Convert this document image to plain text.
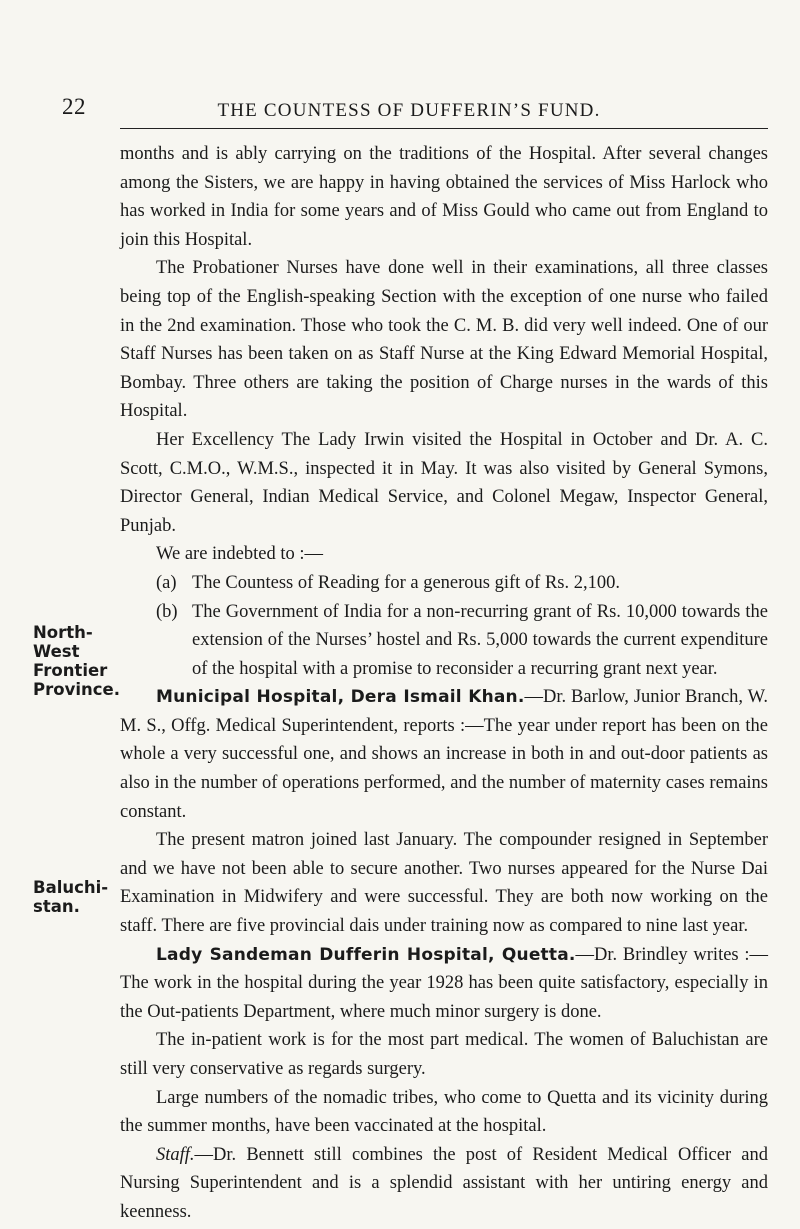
22	THE COUNTESS OF DUFFERIN’S FUND.
North-
West
Frontier
Province.
Baluchi-
stan.

months and is ably carrying on the traditions of the Hospital. After several changes among the Sisters, we are happy in having obtained the services of Miss Harlock who has worked in India for some years and of Miss Gould who came out from England to join this Hospital.

The Probationer Nurses have done well in their examinations, all three classes being top of the English-speaking Section with the exception of one nurse who failed in the 2nd examination. Those who took the C. M. B. did very well indeed. One of our Staff Nurses has been taken on as Staff Nurse at the King Edward Memorial Hospital, Bombay. Three others are taking the position of Charge nurses in the wards of this Hospital.

Her Excellency The Lady Irwin visited the Hospital in October and Dr. A. C. Scott, C.M.O., W.M.S., inspected it in May. It was also visited by General Symons, Director General, Indian Medical Service, and Colonel Megaw, Inspector General, Punjab.

We are indebted to :—

(a) The Countess of Reading for a generous gift of Rs. 2,100.
(b) The Government of India for a non-recurring grant of Rs. 10,000 towards the extension of the Nurses’ hostel and Rs. 5,000 towards the current expenditure of the hospital with a promise to reconsider a recurring grant next year.

Municipal Hospital, Dera Ismail Khan.—Dr. Barlow, Junior Branch, W. M. S., Offg. Medical Superintendent, reports :—The year under report has been on the whole a very successful one, and shows an increase in both in and out-door patients as also in the number of operations performed, and the number of maternity cases remains constant.

The present matron joined last January. The compounder resigned in September and we have not been able to secure another. Two nurses appeared for the Nurse Dai Examination in Midwifery and were successful. They are both now working on the staff. There are five provincial dais under training now as compared to nine last year.

Lady Sandeman Dufferin Hospital, Quetta.—Dr. Brindley writes :— The work in the hospital during the year 1928 has been quite satisfactory, especially in the Out-patients Department, where much minor surgery is done.

The in-patient work is for the most part medical. The women of Baluchistan are still very conservative as regards surgery.

Large numbers of the nomadic tribes, who come to Quetta and its vicinity during the summer months, have been vaccinated at the hospital.

Staff.—Dr. Bennett still combines the post of Resident Medical Officer and Nursing Superintendent and is a splendid assistant with her untiring energy and keenness.
